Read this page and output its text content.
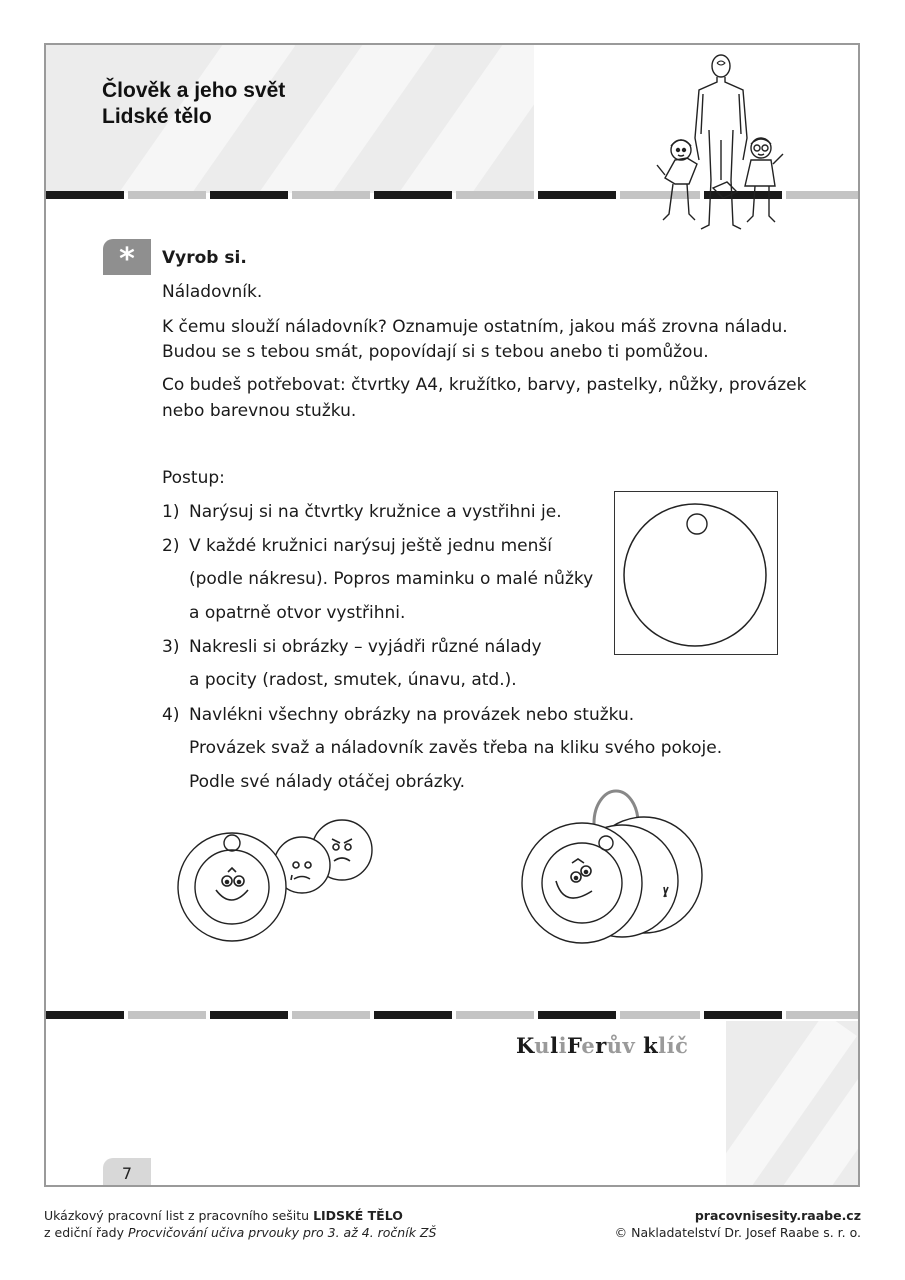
Člověk a jeho svět
Lidské tělo
*	Vyrob si.
Náladovník.
K čemu slouží náladovník? Oznamuje ostatním, jakou máš zrovna náladu.
Budou se s tebou smát, popovídají si s tebou anebo ti pomůžou.
Co budeš potřebovat: čtvrtky A4, kružítko, barvy, pastelky, nůžky, provázek
nebo barevnou stužku.
Postup:
1) Narýsuj si na čtvrtky kružnice a vystřihni je.
2) V každé kružnici narýsuj ještě jednu menší
(podle nákresu). Popros maminku o malé nůžky
a opatrně otvor vystřihni.
3) Nakresli si obrázky – vyjádři různé nálady
a pocity (radost, smutek, únavu, atd.).
4) Navlékni všechny obrázky na provázek nebo stužku.
Provázek svaž a náladovník zavěs třeba na kliku svého pokoje.
Podle své nálady otáčej obrázky.
KuliFerův klíč
7
Ukázkový pracovní list z pracovního sešitu LIDSKÉ TĚLO
z ediční řady Procvičování učiva prvouky pro 3. až 4. ročník ZŠ
pracovnisesity.raabe.cz
© Nakladatelství Dr. Josef Raabe s. r. o.
